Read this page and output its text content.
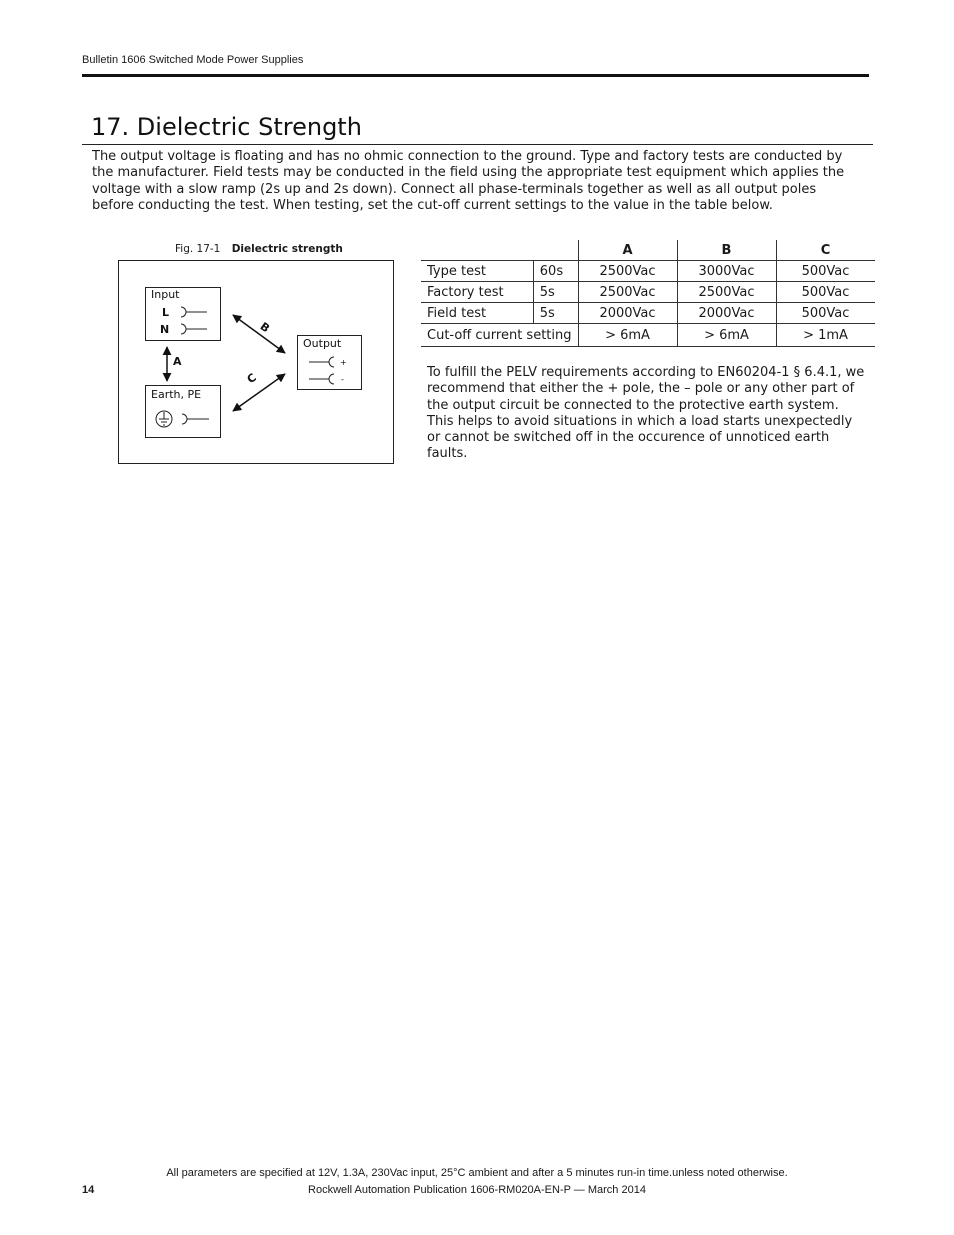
Bulletin 1606 Switched Mode Power Supplies
17. Dielectric Strength

The output voltage is floating and has no ohmic connection to the ground. Type and factory tests are conducted by the manufacturer. Field tests may be conducted in the field using the appropriate test equipment which applies the voltage with a slow ramp (2s up and 2s down). Connect all phase-terminals together as well as all output poles before conducting the test. When testing, set the cut-off current settings to the value in the table below.

Fig. 17-1 Dielectric strength
Input
L
N
Earth, PE
Output
+
-
A
B
C
		A	B	C
Type test	60s	2500Vac	3000Vac	500Vac
Factory test	5s	2500Vac	2500Vac	500Vac
Field test	5s	2000Vac	2000Vac	500Vac
Cut-off current setting		> 6mA	> 6mA	> 1mA

To fulfill the PELV requirements according to EN60204-1 § 6.4.1, we recommend that either the + pole, the – pole or any other part of the output circuit be connected to the protective earth system. This helps to avoid situations in which a load starts unexpectedly or cannot be switched off in the occurence of unnoticed earth faults.

All parameters are specified at 12V, 1.3A, 230Vac input, 25°C ambient and after a 5 minutes run-in time.unless noted otherwise.
14	Rockwell Automation Publication 1606-RM020A-EN-P — March 2014
